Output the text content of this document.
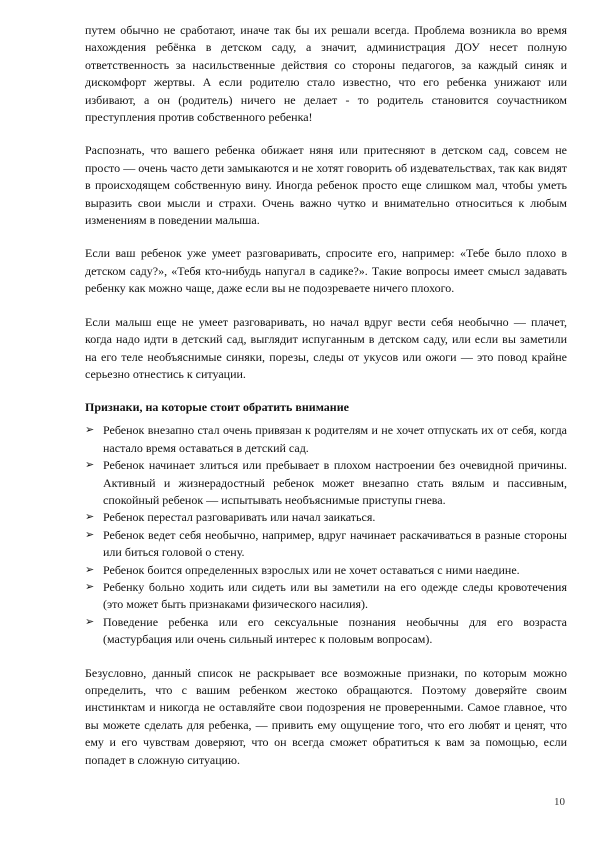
путем обычно не сработают, иначе так бы их решали всегда. Проблема возникла во время нахождения ребёнка в детском саду, а значит, администрация ДОУ несет полную ответственность за насильственные действия со стороны педагогов, за каждый синяк и дискомфорт жертвы. А если родителю стало известно, что его ребенка унижают или избивают, а он (родитель) ничего не делает - то родитель становится соучастником преступления против собственного ребенка!

Распознать, что вашего ребенка обижает няня или притесняют в детском сад, совсем не просто — очень часто дети замыкаются и не хотят говорить об издевательствах, так как видят в происходящем собственную вину. Иногда ребенок просто еще слишком мал, чтобы уметь выразить свои мысли и страхи. Очень важно чутко и внимательно относиться к любым изменениям в поведении малыша.

Если ваш ребенок уже умеет разговаривать, спросите его, например: «Тебе было плохо в детском саду?», «Тебя кто-нибудь напугал в садике?». Такие вопросы имеет смысл задавать ребенку как можно чаще, даже если вы не подозреваете ничего плохого.

Если малыш еще не умеет разговаривать, но начал вдруг вести себя необычно — плачет, когда надо идти в детский сад, выглядит испуганным в детском саду, или если вы заметили на его теле необъяснимые синяки, порезы, следы от укусов или ожоги — это повод крайне серьезно отнестись к ситуации.

Признаки, на которые стоит обратить внимание
➢ Ребенок внезапно стал очень привязан к родителям и не хочет отпускать их от себя, когда настало время оставаться в детский сад.
➢ Ребенок начинает злиться или пребывает в плохом настроении без очевидной причины. Активный и жизнерадостный ребенок может внезапно стать вялым и пассивным, спокойный ребенок — испытывать необъяснимые приступы гнева.
➢ Ребенок перестал разговаривать или начал заикаться.
➢ Ребенок ведет себя необычно, например, вдруг начинает раскачиваться в разные стороны или биться головой о стену.
➢ Ребенок боится определенных взрослых или не хочет оставаться с ними наедине.
➢ Ребенку больно ходить или сидеть или вы заметили на его одежде следы кровотечения (это может быть признаками физического насилия).
➢ Поведение ребенка или его сексуальные познания необычны для его возраста (мастурбация или очень сильный интерес к половым вопросам).

Безусловно, данный список не раскрывает все возможные признаки, по которым можно определить, что с вашим ребенком жестоко обращаются. Поэтому доверяйте своим инстинктам и никогда не оставляйте свои подозрения не проверенными. Самое главное, что вы можете сделать для ребенка, — привить ему ощущение того, что его любят и ценят, что ему и его чувствам доверяют, что он всегда сможет обратиться к вам за помощью, если попадет в сложную ситуацию.

10
